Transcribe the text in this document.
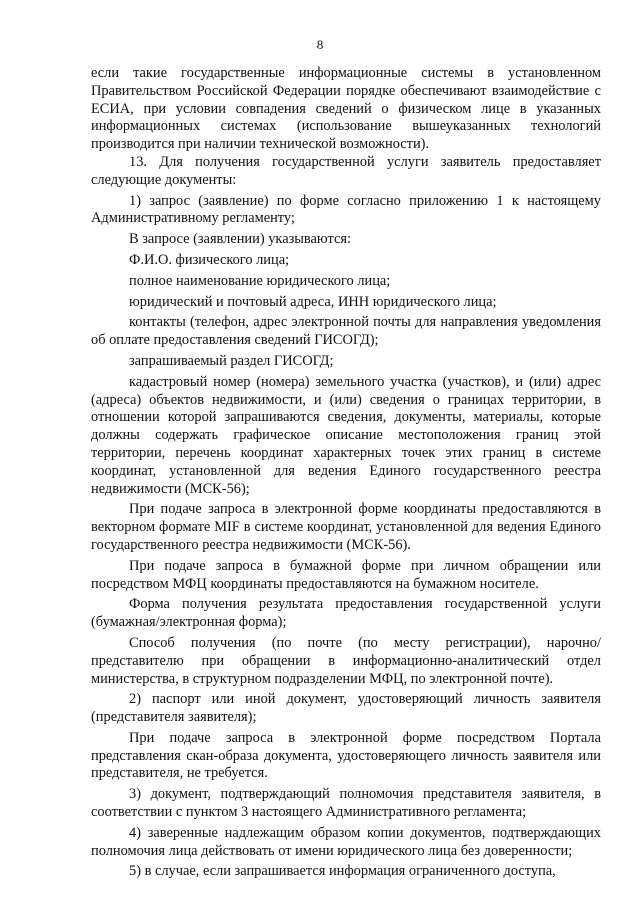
8

если такие государственные информационные системы в установленном Правительством Российской Федерации порядке обеспечивают взаимодействие с ЕСИА, при условии совпадения сведений о физическом лице в указанных информационных системах (использование вышеуказанных технологий производится при наличии технической возможности).

13. Для получения государственной услуги заявитель предоставляет следующие документы:

1) запрос (заявление) по форме согласно приложению 1 к настоящему Административному регламенту;

В запросе (заявлении) указываются:

Ф.И.О. физического лица;

полное наименование юридического лица;

юридический и почтовый адреса, ИНН юридического лица;

контакты (телефон, адрес электронной почты для направления уведомления об оплате предоставления сведений ГИСОГД);

запрашиваемый раздел ГИСОГД;

кадастровый номер (номера) земельного участка (участков), и (или) адрес (адреса) объектов недвижимости, и (или) сведения о границах территории, в отношении которой запрашиваются сведения, документы, материалы, которые должны содержать графическое описание местоположения границ этой территории, перечень координат характерных точек этих границ в системе координат, установленной для ведения Единого государственного реестра недвижимости (МСК-56);

При подаче запроса в электронной форме координаты предоставляются в векторном формате MIF в системе координат, установленной для ведения Единого государственного реестра недвижимости (МСК-56).

При подаче запроса в бумажной форме при личном обращении или посредством МФЦ координаты предоставляются на бумажном носителе.

Форма получения результата предоставления государственной услуги (бумажная/электронная форма);

Способ получения (по почте (по месту регистрации), нарочно/представителю при обращении в информационно-аналитический отдел министерства, в структурном подразделении МФЦ, по электронной почте).

2) паспорт или иной документ, удостоверяющий личность заявителя (представителя заявителя);

При подаче запроса в электронной форме посредством Портала представления скан-образа документа, удостоверяющего личность заявителя или представителя, не требуется.

3) документ, подтверждающий полномочия представителя заявителя, в соответствии с пунктом 3 настоящего Административного регламента;

4) заверенные надлежащим образом копии документов, подтверждающих полномочия лица действовать от имени юридического лица без доверенности;

5) в случае, если запрашивается информация ограниченного доступа,
